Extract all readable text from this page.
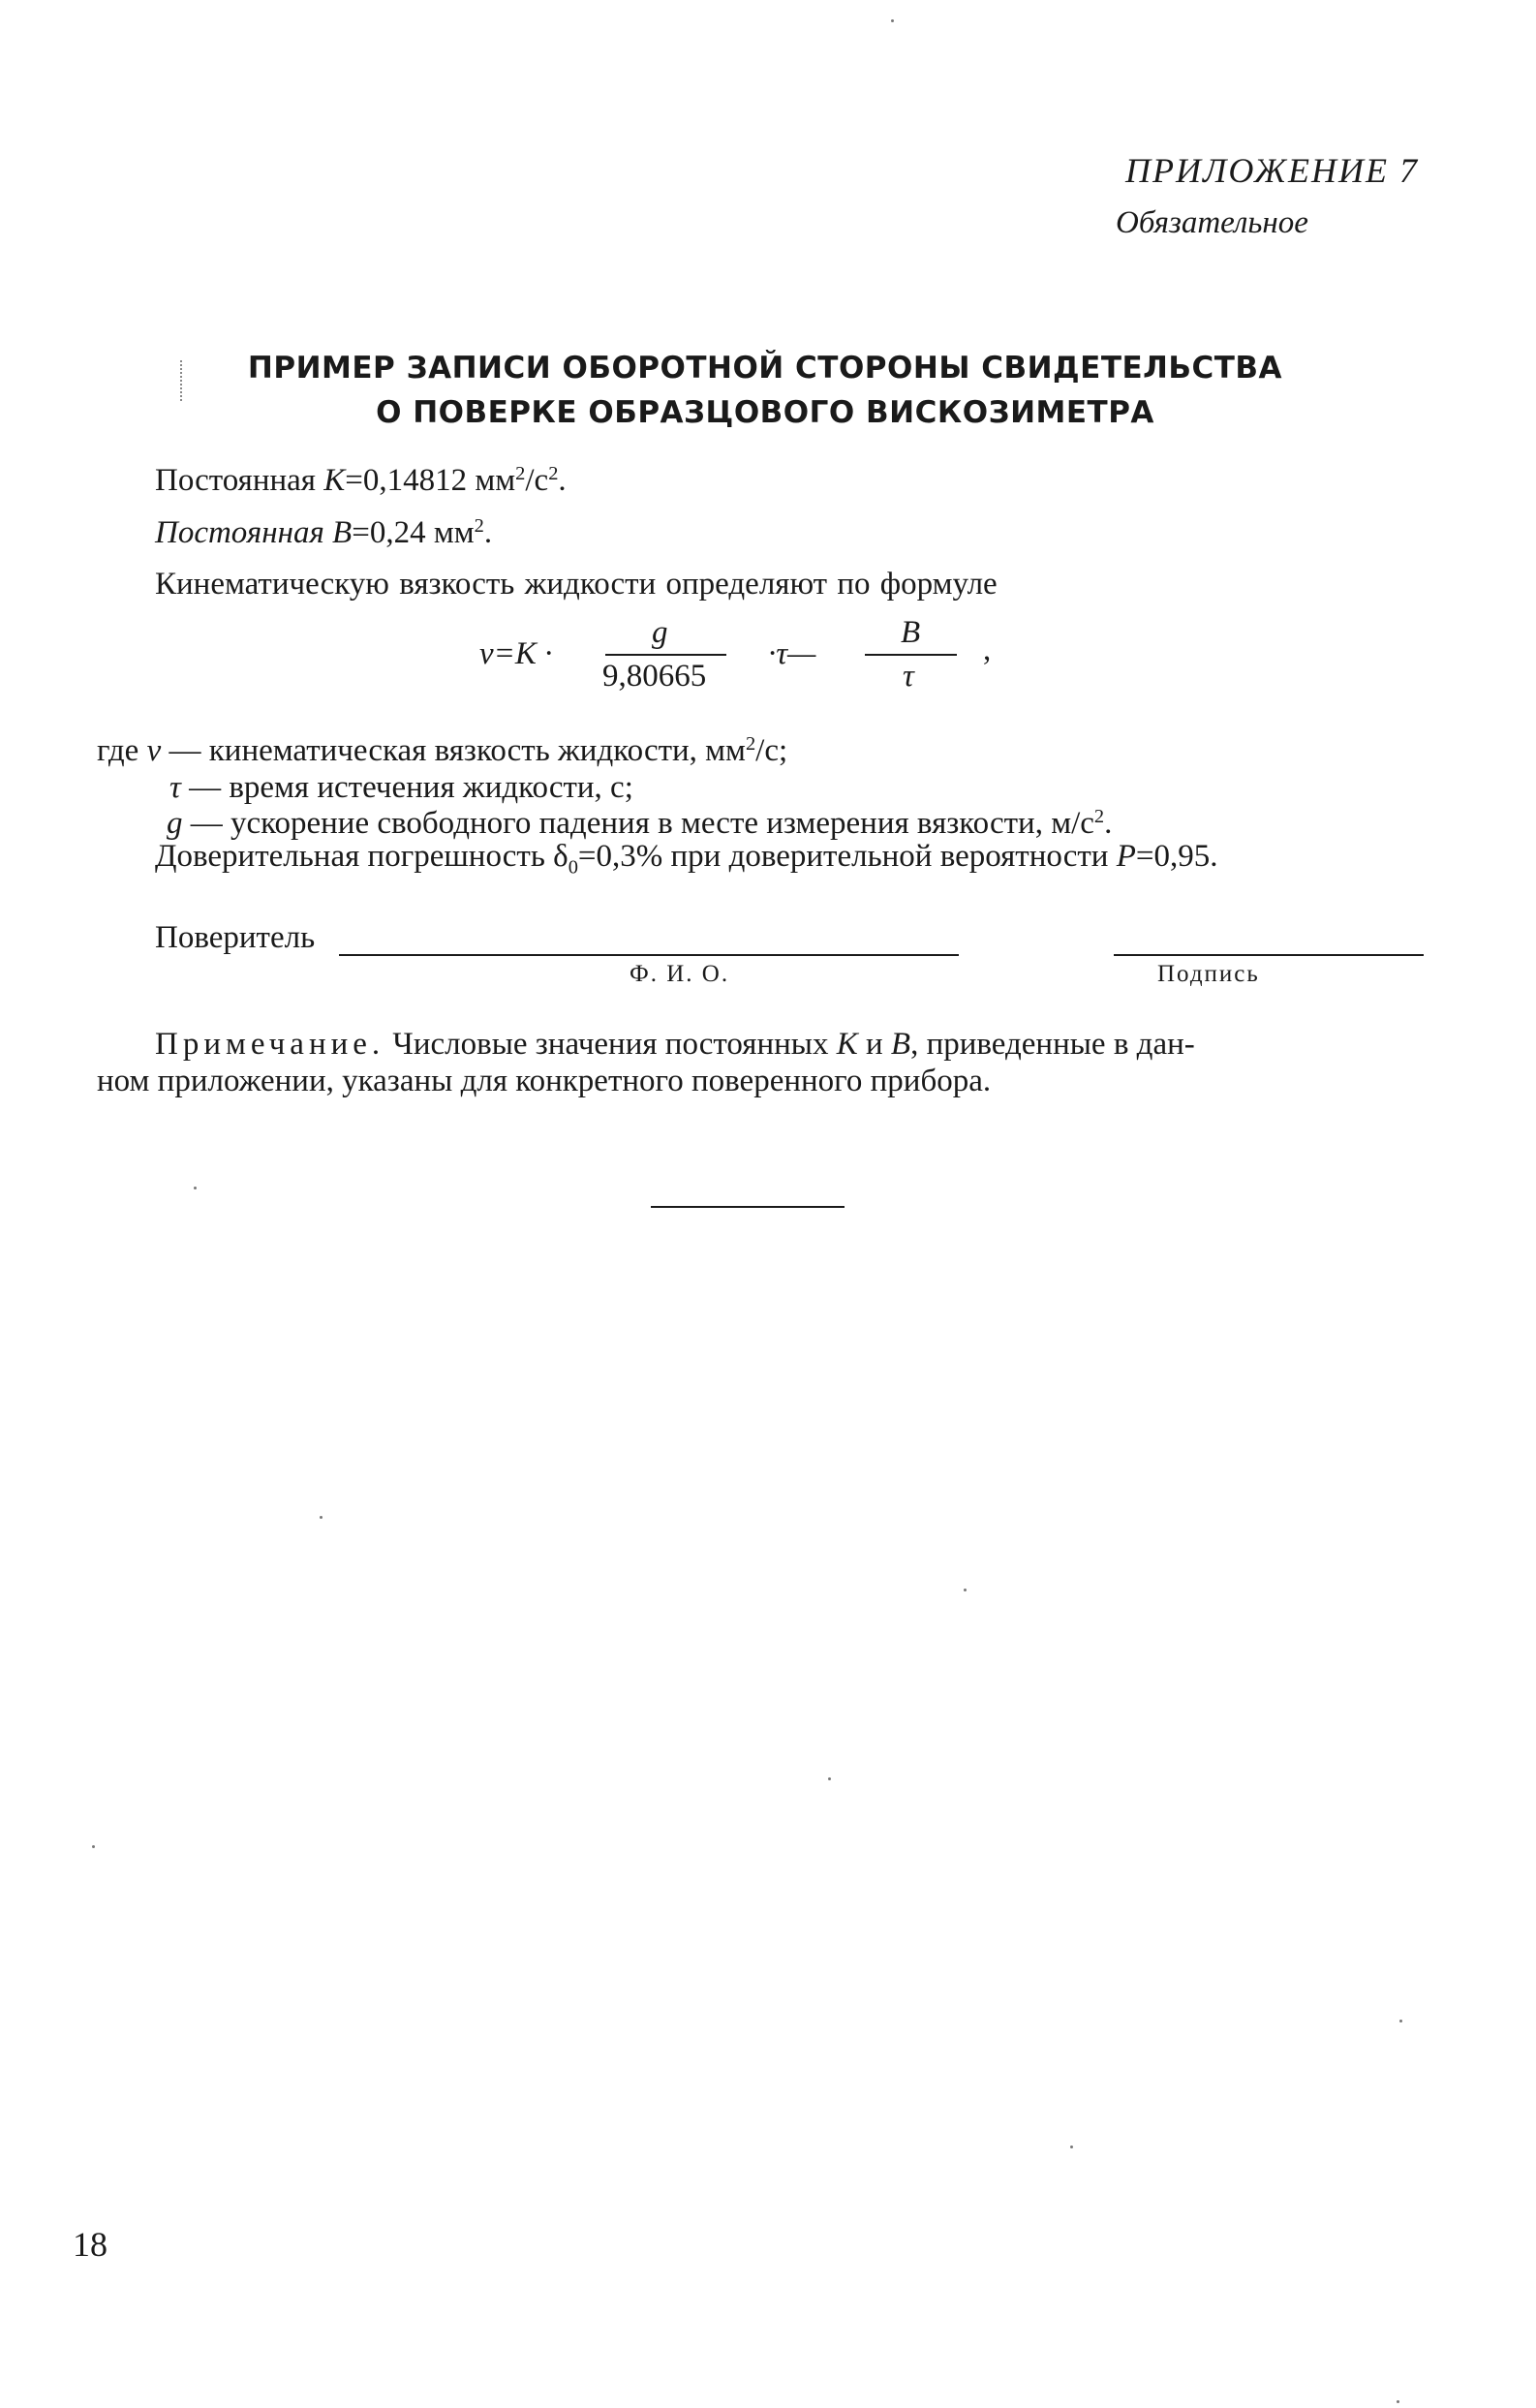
ПРИЛОЖЕНИЕ 7
Обязательное
ПРИМЕР ЗАПИСИ ОБОРОТНОЙ СТОРОНЫ СВИДЕТЕЛЬСТВА
О ПОВЕРКЕ ОБРАЗЦОВОГО ВИСКОЗИМЕТРА
Постоянная K=0,14812 $мм^2/с^2$.
Постоянная B=0,24 $мм^2$.
Кинематическую вязкость жидкости определяют по формуле
ν=K ·
g
9,80665
·τ—
B
τ
,
где ν — кинематическая вязкость жидкости, $мм^2/с$;
τ — время истечения жидкости, с;
g — ускорение свободного падения в месте измерения вязкости, $м/с^2$.
Доверительная погрешность $\delta_0=0,3\%$ при доверительной вероятности P=0,95.
Поверитель
Ф. И. О.	Подпись
Примечание. Числовые значения постоянных K и B, приведенные в дан-
ном приложении, указаны для конкретного поверенного прибора.
18
